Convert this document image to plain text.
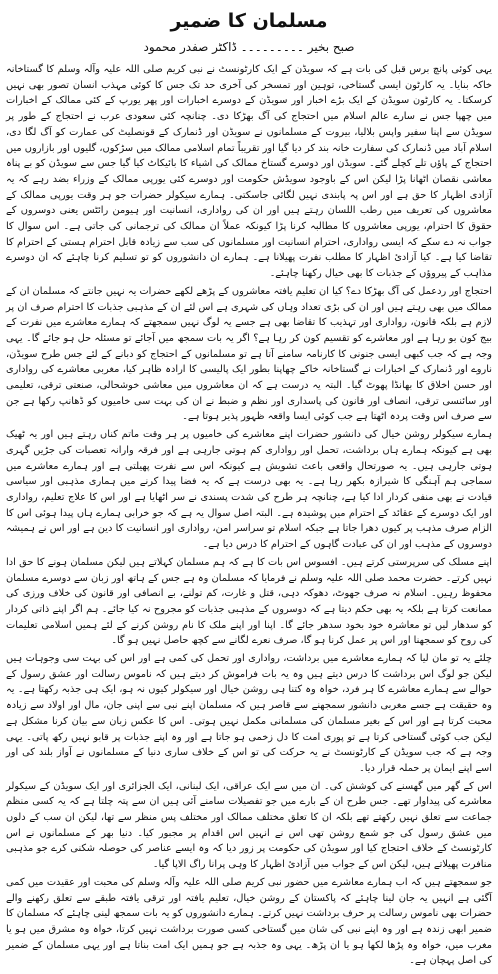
مسلمان کا ضمیر
صبح بخیر ۔۔۔۔۔۔۔۔۔ ڈاکٹر صفدر محمود

یہی کوئی پانچ برس قبل کی بات ہے کہ سویڈن کے ایک کارٹونسٹ نے نبی کریم صلی اللہ علیہ وآلہ وسلم کا گستاخانہ خاکہ بنایا۔ یہ کارٹون ایسی گستاخی، توہین اور تمسخر کی آخری حد تک جس کا کوئی مہذب انسان تصور بھی نہیں کرسکتا۔ یہ کارٹون سویڈن کے ایک بڑے اخبار اور سویڈن کے دوسرے اخبارات اور پھر یورپ کے کئی ممالک کے اخبارات میں چھپا جس نے سارے عالم اسلام میں احتجاج کی آگ بھڑکا دی۔ چنانچہ کئی سعودی عرب نے احتجاج کے طور پر سویڈن سے اپنا سفیر واپس بلالیا، بیروت کے مسلمانوں نے سویڈن اور ڈنمارک کے قونصلیٹ کی عمارت کو آگ لگا دی، اسلام آباد میں ڈنمارک کی سفارت خانہ بند کر دیا گیا اور تقریباً تمام اسلامی ممالک میں سڑکوں، گلیوں اور بازاروں میں احتجاج کے پاؤں تلے کچلے گئے۔ سویڈن اور دوسرے گستاخ ممالک کی اشیاء کا بائیکاٹ کیا گیا جس سے سویڈن کو بے پناہ معاشی نقصان اٹھانا پڑا لیکن اس کے باوجود سویڈش حکومت اور دوسرے کئی یورپی ممالک کے وزراء بضد رہے کہ یہ آزادی اظہار کا حق ہے اور اس پہ پابندی نہیں لگائی جاسکتی۔ ہمارے سیکولر حضرات جو ہر وقت یورپی ممالک کے معاشروں کی تعریف میں رطب اللسان رہتے ہیں اور ان کی رواداری، انسانیت اور ہیومن رائٹس یعنی دوسروں کے حقوق کا احترام، یورپی معاشروں کا مطالبہ کرنا پڑا کیونکہ عملاً ان ممالک کی ترجمانی کی جاتی ہے۔ اس سوال کا جواب نہ دے سکے کہ ایسی رواداری، احترام انسانیت اور مسلمانوں کی سب سے زیادہ قابل احترام ہستی کے احترام کا تقاضا کیا ہے۔ کیا آزادیٔ اظہار کا مطلب نفرت پھیلانا ہے۔ ہمارے ان دانشوروں کو تو تسلیم کرنا چاہئے کہ ان دوسرے مذاہب کے پیروؤں کے جذبات کا بھی خیال رکھنا چاہئے۔

احتجاج اور ردعمل کی آگ بھڑکا دے؟ کیا ان تعلیم یافتہ معاشروں کے پڑھے لکھے حضرات یہ نہیں جانتے کہ مسلمان ان کے ممالک میں بھی رہتے ہیں اور ان کی بڑی تعداد وہاں کی شہری ہے اس لئے ان کے مذہبی جذبات کا احترام صرف ان پر لازم ہے بلکہ قانون، رواداری اور تہذیب کا تقاضا بھی ہے جسے یہ لوگ نہیں سمجھتے کہ ہمارے معاشرے میں نفرت کے بیج کون بو رہا ہے اور معاشرے کو تقسیم کون کر رہا ہے؟ اگر یہ بات سمجھ میں آجائے تو مسئلہ حل ہو جائے گا۔ یہی وجہ ہے کہ جب کبھی ایسی جنونی کا کارنامہ سامنے آتا ہے تو مسلمانوں کے احتجاج کو دبانے کے لئے جس طرح سویڈن، ناروے اور ڈنمارک کے اخبارات نے گستاخانہ خاکے چھاپنا بطور ایک پالیسی کا ارادہ ظاہر کیا، مغربی معاشرے کی رواداری اور حسن اخلاق کا بھانڈا پھوٹ گیا۔ البتہ یہ درست ہے کہ ان معاشروں میں معاشی خوشحالی، صنعتی ترقی، تعلیمی اور سائنسی ترقی، انصاف اور قانون کی پاسداری اور نظم و ضبط نے ان کی بہت سی خامیوں کو ڈھانپ رکھا ہے جن سے صرف اس وقت پردہ اٹھتا ہے جب کوئی ایسا واقعہ ظہور پذیر ہوتا ہے۔

ہمارے سیکولر روشن خیال کی دانشور حضرات اپنے معاشرے کی خامیوں پر ہر وقت ماتم کناں رہتے ہیں اور یہ ٹھیک بھی ہے کیونکہ ہمارے ہاں برداشت، تحمل اور رواداری کم ہوتی جارہی ہے اور فرقہ وارانہ تعصبات کی جڑیں گہری ہوتی جارہی ہیں۔ یہ صورتحال واقعی باعث تشویش ہے کیونکہ اس سے نفرت پھیلتی ہے اور ہمارے معاشرے میں سماجی ہم آہنگی کا شیرازہ بکھر رہا ہے۔ یہ بھی درست ہے کہ یہ فضا پیدا کرنے میں ہماری مذہبی اور سیاسی قیادت نے بھی منفی کردار ادا کیا ہے، چنانچہ ہر طرح کی شدت پسندی نے سر اٹھایا ہے اور اس کا علاج تعلیم، رواداری اور ایک دوسرے کے عقائد کے احترام میں پوشیدہ ہے۔ البتہ اصل سوال یہ ہے کہ جو خرابی ہمارے ہاں پیدا ہوئی اس کا الزام صرف مذہب پر کیوں دھرا جاتا ہے جبکہ اسلام تو سراسر امن، رواداری اور انسانیت کا دین ہے اور اس نے ہمیشہ دوسروں کے مذہب اور ان کی عبادت گاہوں کے احترام کا درس دیا ہے۔

اپنے مسلک کی سرپرستی کرتے ہیں۔ افسوس اس بات کا ہے کہ ہم مسلمان کہلاتے ہیں لیکن مسلمان ہونے کا حق ادا نہیں کرتے۔ حضرت محمد صلی اللہ علیہ وسلم نے فرمایا کہ مسلمان وہ ہے جس کے ہاتھ اور زبان سے دوسرے مسلمان محفوظ رہیں۔ اسلام نہ صرف جھوٹ، دھوکہ دہی، قتل و غارت، کم تولنے، بے انصافی اور قانون کی خلاف ورزی کی ممانعت کرتا ہے بلکہ یہ بھی حکم دیتا ہے کہ دوسروں کے مذہبی جذبات کو مجروح نہ کیا جائے۔ ہم اگر اپنے ذاتی کردار کو سدھار لیں تو معاشرہ خود بخود سدھر جائے گا۔ اپنا اور اپنے ملک کا نام روشن کرنے کے لئے ہمیں اسلامی تعلیمات کی روح کو سمجھنا اور اس پر عمل کرنا ہو گا، صرف نعرے لگانے سے کچھ حاصل نہیں ہو گا۔

چلئے یہ تو مان لیا کہ ہمارے معاشرے میں برداشت، رواداری اور تحمل کی کمی ہے اور اس کی بہت سی وجوہات ہیں لیکن جو لوگ اس برداشت کا درس دیتے ہیں وہ یہ بات فراموش کر دیتے ہیں کہ ناموس رسالت اور عشق رسول کے حوالے سے ہمارے معاشرے کا ہر فرد، خواہ وہ کتنا ہی روشن خیال اور سیکولر کیوں نہ ہو، ایک ہی جذبہ رکھتا ہے۔ یہ وہ حقیقت ہے جسے مغربی دانشور سمجھنے سے قاصر ہیں کہ مسلمان اپنے نبی سے اپنی جان، مال اور اولاد سے زیادہ محبت کرتا ہے اور اس کے بغیر مسلمان کی مسلمانی مکمل نہیں ہوتی۔ اس کا عکس زبان سے بیان کرنا مشکل ہے لیکن جب کوئی گستاخی کرتا ہے تو پوری امت کا دل زخمی ہو جاتا ہے اور وہ اپنے جذبات پر قابو نہیں رکھ پاتی۔ یہی وجہ ہے کہ جب سویڈن کے کارٹونسٹ نے یہ حرکت کی تو اس کے خلاف ساری دنیا کے مسلمانوں نے آواز بلند کی اور اسے اپنے ایمان پر حملہ قرار دیا۔

اس کے گھر میں گھسنے کی کوشش کی۔ ان میں سے ایک عراقی، ایک لبنانی، ایک الجزائری اور ایک سویڈن کے سیکولر معاشرے کی پیداوار تھے۔ جس طرح ان کے بارے میں جو تفصیلات سامنے آئی ہیں ان سے پتہ چلتا ہے کہ یہ کسی منظم جماعت سے تعلق نہیں رکھتے تھے بلکہ ان کا تعلق مختلف ممالک اور مختلف پس منظر سے تھا، لیکن ان سب کے دلوں میں عشق رسول کی جو شمع روشن تھی اس نے انہیں اس اقدام پر مجبور کیا۔ دنیا بھر کے مسلمانوں نے اس کارٹونسٹ کے خلاف احتجاج کیا اور سویڈن کی حکومت پر زور دیا کہ وہ ایسے عناصر کی حوصلہ شکنی کرے جو مذہبی منافرت پھیلاتے ہیں، لیکن اس کے جواب میں آزادیٔ اظہار کا وہی پرانا راگ الاپا گیا۔

جو سمجھتے ہیں کہ اب ہمارے معاشرے میں حضور نبی کریم صلی اللہ علیہ وآلہ وسلم کی محبت اور عقیدت میں کمی آگئی ہے انہیں یہ جان لینا چاہئے کہ پاکستان کے روشن خیال، تعلیم یافتہ اور ترقی یافتہ طبقے سے تعلق رکھنے والے حضرات بھی ناموس رسالت پر حرف برداشت نہیں کرتے۔ ہمارے دانشوروں کو یہ بات سمجھ لینی چاہئے کہ مسلمان کا ضمیر ابھی زندہ ہے اور وہ اپنے نبی کی شان میں گستاخی کسی صورت برداشت نہیں کرتا، خواہ وہ مشرق میں ہو یا مغرب میں، خواہ وہ پڑھا لکھا ہو یا ان پڑھ۔ یہی وہ جذبہ ہے جو ہمیں ایک امت بناتا ہے اور یہی مسلمان کے ضمیر کی اصل پہچان ہے۔
